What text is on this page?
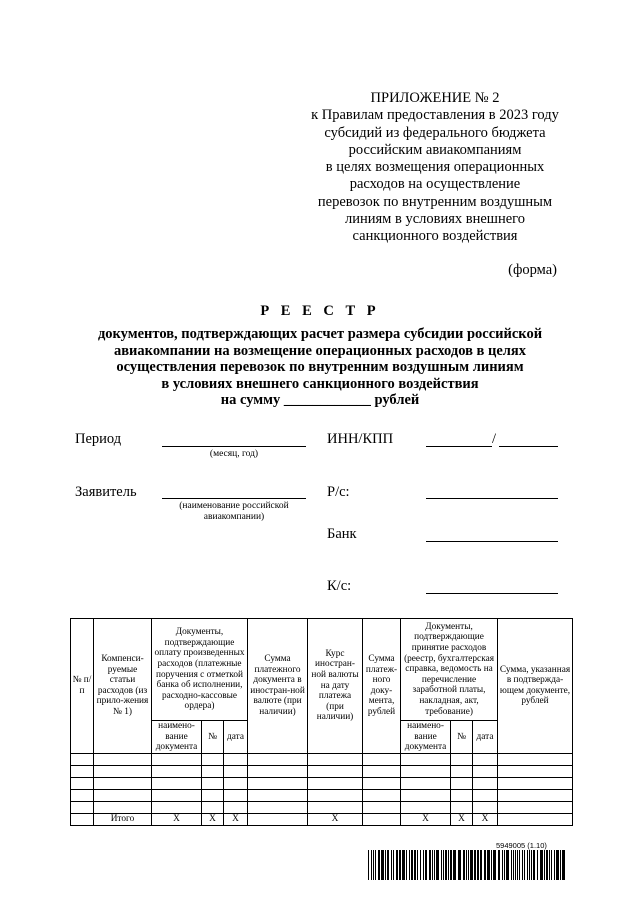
ПРИЛОЖЕНИЕ № 2
к Правилам предоставления в 2023 году
субсидий из федерального бюджета
российским авиакомпаниям
в целях возмещения операционных
расходов на осуществление
перевозок по внутренним воздушным
линиям в условиях внешнего
санкционного воздействия
(форма)
Р Е Е С Т Р
документов, подтверждающих расчет размера субсидии российской
авиакомпании на возмещение операционных расходов в целях
осуществления перевозок по внутренним воздушным линиям
в условиях внешнего санкционного воздействия
на сумму ____________ рублей
Период
(месяц, год)
ИНН/КПП	/
Заявитель
(наименование российской
авиакомпании)
Р/с:
Банк
К/с:
№ п/п	Компенси-руемые статьи расходов (из прило-жения № 1)	Документы, подтверждающие оплату произведенных расходов (платежные поручения с отметкой банка об исполнении, расходно-кассовые ордера)			Сумма платежного документа в иностран-ной валюте (при наличии)	Курс иностран-ной валюты на дату платежа (при наличии)	Сумма платеж-ного доку-мента, рублей	Документы, подтверждающие принятие расходов (реестр, бухгалтерская справка, ведомость на перечисление заработной платы, накладная, акт, требование)			Сумма, указанная в подтвержда-ющем документе, рублей
		наимено-вание документа	№	дата				наимено-вание документа	№	дата	

	Итого	X	X	X		X		X	X	X	
5949005 (1.10)
